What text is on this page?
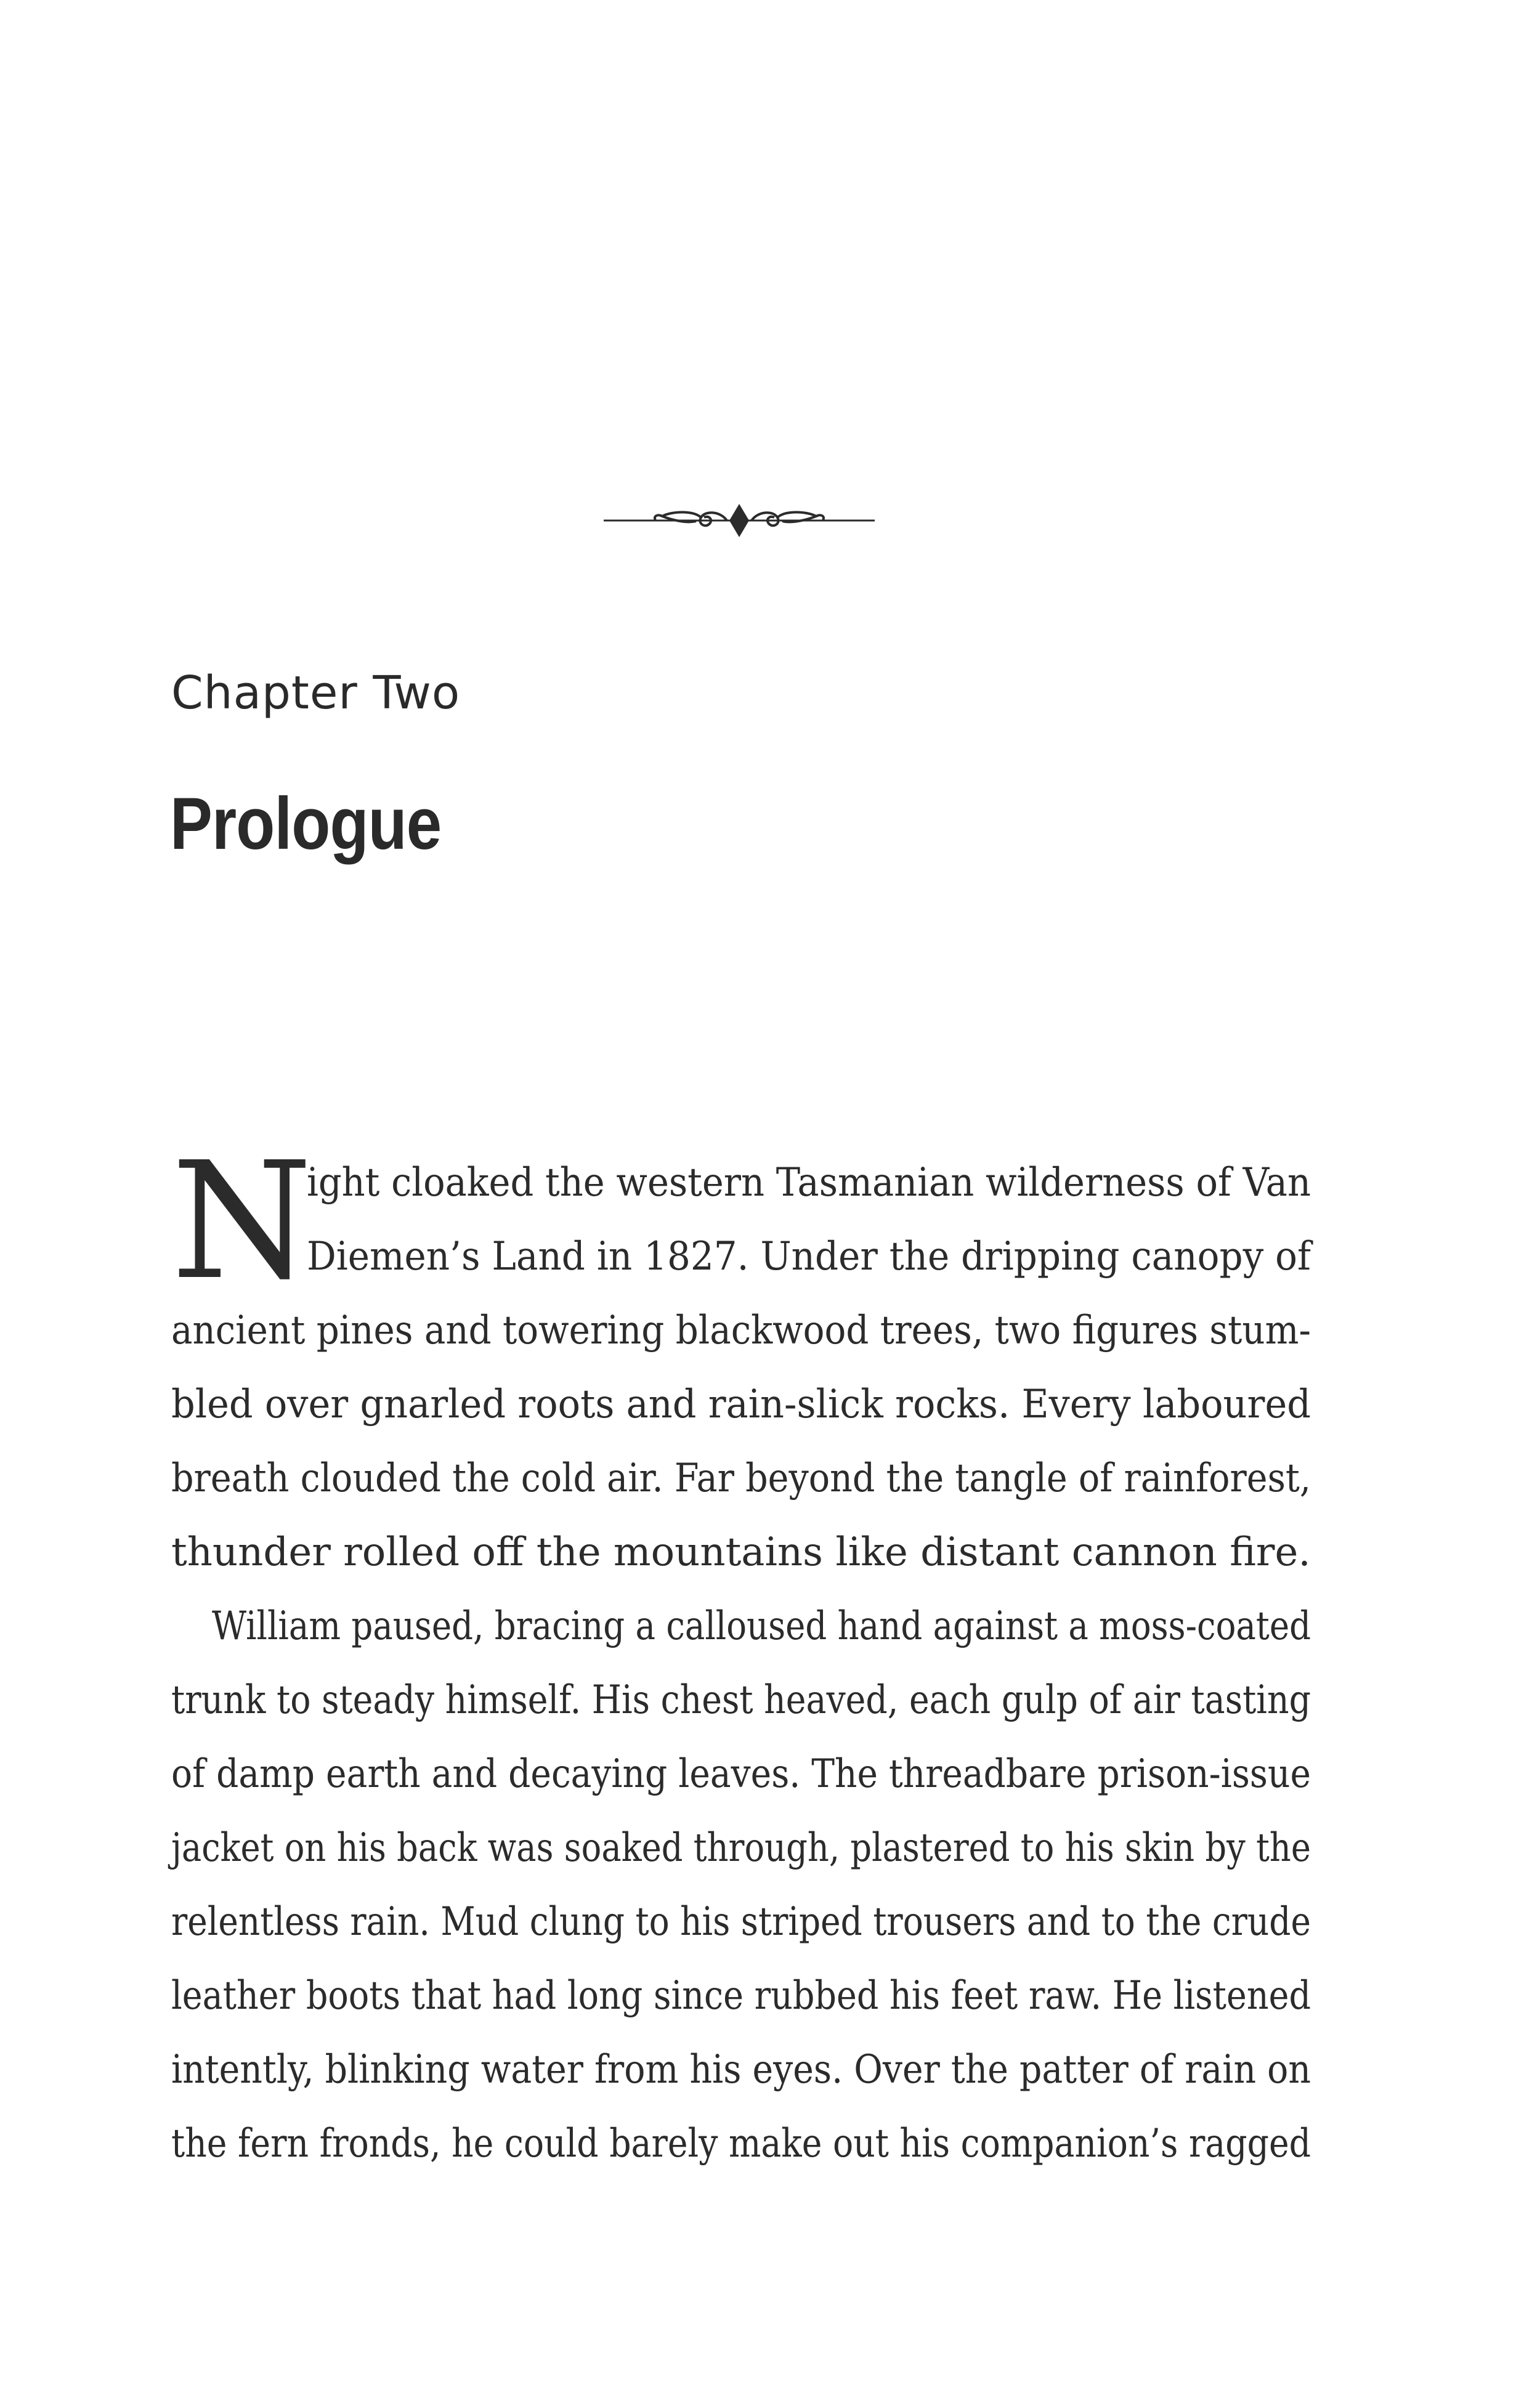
Chapter Two
Prologue
N
ight cloaked the western Tasmanian wilderness of Van
Diemen’s Land in 1827. Under the dripping canopy of
ancient pines and towering blackwood trees, two figures stum-
bled over gnarled roots and rain-slick rocks. Every laboured
breath clouded the cold air. Far beyond the tangle of rainforest,
thunder rolled off the mountains like distant cannon fire.
William paused, bracing a calloused hand against a moss-coated
trunk to steady himself. His chest heaved, each gulp of air tasting
of damp earth and decaying leaves. The threadbare prison-issue
jacket on his back was soaked through, plastered to his skin by the
relentless rain. Mud clung to his striped trousers and to the crude
leather boots that had long since rubbed his feet raw. He listened
intently, blinking water from his eyes. Over the patter of rain on
the fern fronds, he could barely make out his companion’s ragged
